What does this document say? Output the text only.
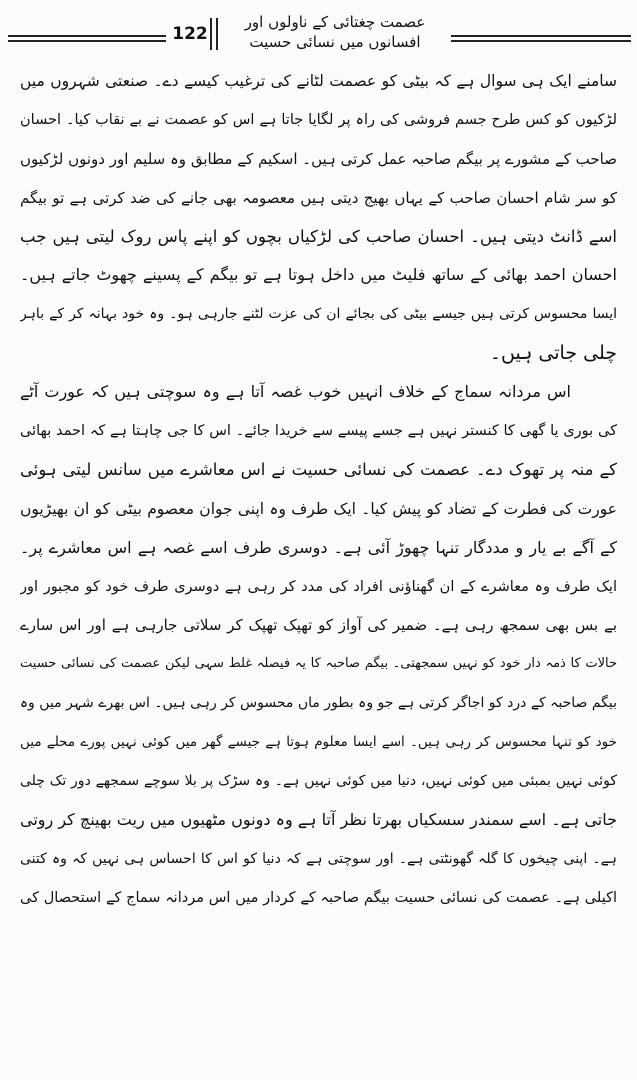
122
عصمت چغتائی کے ناولوں اور
افسانوں میں نسائی حسیت
سامنے ایک ہی سوال ہے کہ بیٹی کو عصمت لٹانے کی ترغیب کیسے دے۔ صنعتی شہروں میں
لڑکیوں کو کس طرح جسم فروشی کی راہ پر لگایا جاتا ہے اس کو عصمت نے بے نقاب کیا۔ احسان
صاحب کے مشورے پر بیگم صاحبہ عمل کرتی ہیں۔ اسکیم کے مطابق وہ سلیم اور دونوں لڑکیوں
کو سر شام احسان صاحب کے یہاں بھیج دیتی ہیں معصومہ بھی جانے کی ضد کرتی ہے تو بیگم
اسے ڈانٹ دیتی ہیں۔ احسان صاحب کی لڑکیاں بچوں کو اپنے پاس روک لیتی ہیں جب
احسان احمد بھائی کے ساتھ فلیٹ میں داخل ہوتا ہے تو بیگم کے پسینے چھوٹ جاتے ہیں۔
ایسا محسوس کرتی ہیں جیسے بیٹی کی بجائے ان کی عزت لٹنے جارہی ہو۔ وہ خود بہانہ کر کے باہر
چلی جاتی ہیں۔
اس مردانہ سماج کے خلاف انہیں خوب غصہ آتا ہے وہ سوچتی ہیں کہ عورت آٹے
کی بوری یا گھی کا کنستر نہیں ہے جسے پیسے سے خریدا جائے۔ اس کا جی چاہتا ہے کہ احمد بھائی
کے منہ پر تھوک دے۔ عصمت کی نسائی حسیت نے اس معاشرے میں سانس لیتی ہوئی
عورت کی فطرت کے تضاد کو پیش کیا۔ ایک طرف وہ اپنی جوان معصوم بیٹی کو ان بھیڑیوں
کے آگے بے یار و مددگار تنہا چھوڑ آئی ہے۔ دوسری طرف اسے غصہ ہے اس معاشرے پر۔
ایک طرف وہ معاشرے کے ان گھناؤنی افراد کی مدد کر رہی ہے دوسری طرف خود کو مجبور اور
بے بس بھی سمجھ رہی ہے۔ ضمیر کی آواز کو تھپک تھپک کر سلاتی جارہی ہے اور اس سارے
حالات کا ذمہ دار خود کو نہیں سمجھتی۔ بیگم صاحبہ کا یہ فیصلہ غلط سہی لیکن عصمت کی نسائی حسیت
بیگم صاحبہ کے درد کو اجاگر کرتی ہے جو وہ بطور ماں محسوس کر رہی ہیں۔ اس بھرے شہر میں وہ
خود کو تنہا محسوس کر رہی ہیں۔ اسے ایسا معلوم ہوتا ہے جیسے گھر میں کوئی نہیں پورے محلے میں
کوئی نہیں بمبئی میں کوئی نہیں، دنیا میں کوئی نہیں ہے۔ وہ سڑک پر بلا سوچے سمجھے دور تک چلی
جاتی ہے۔ اسے سمندر سسکیاں بھرتا نظر آتا ہے وہ دونوں مٹھیوں میں ریت بھینچ کر روتی
ہے۔ اپنی چیخوں کا گلہ گھونٹتی ہے۔ اور سوچتی ہے کہ دنیا کو اس کا احساس ہی نہیں کہ وہ کتنی
اکیلی ہے۔ عصمت کی نسائی حسیت بیگم صاحبہ کے کردار میں اس مردانہ سماج کے استحصال کی
